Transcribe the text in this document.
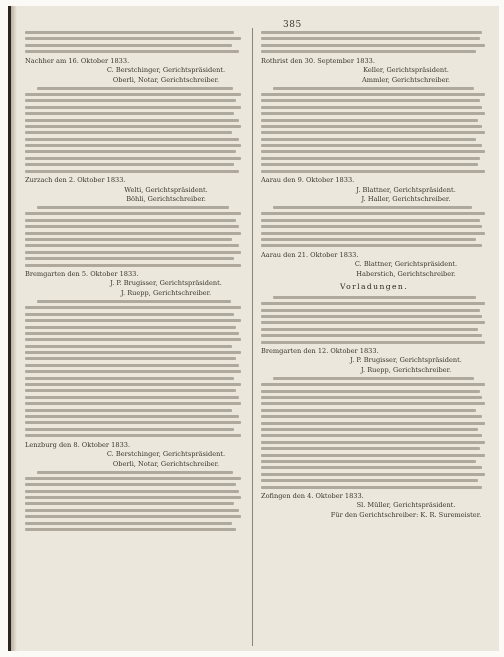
385
Nachher am 16. Oktober 1833.
C. Berstchinger, Gerichtspräsident.
Oberli, Notar, Gerichtschreiber.
Zurzach den 2. Oktober 1833.
Welti, Gerichtspräsident.
Böhli, Gerichtschreiber.
Bremgarten den 5. Oktober 1833.
J. P. Brugisser, Gerichtspräsident.
J. Ruepp, Gerichtschreiber.
Lenzburg den 8. Oktober 1833.
C. Berstchinger, Gerichtspräsident.
Oberli, Notar, Gerichtschreiber.
Rothrist den 30. September 1833.
Keller, Gerichtspräsident.
Ammler, Gerichtschreiber.
Aarau den 9. Oktober 1833.
J. Blattner, Gerichtspräsident.
J. Haller, Gerichtschreiber.
Aarau den 21. Oktober 1833.
C. Blattner, Gerichtspräsident.
Haberstich, Gerichtschreiber.
Vorladungen.
Bremgarten den 12. Oktober 1833.
J. P. Brugisser, Gerichtspräsident.
J. Ruepp, Gerichtschreiber.
Zofingen den 4. Oktober 1833.
Sl. Müller, Gerichtspräsident.
Für den Gerichtschreiber: K. R. Suremeister.
